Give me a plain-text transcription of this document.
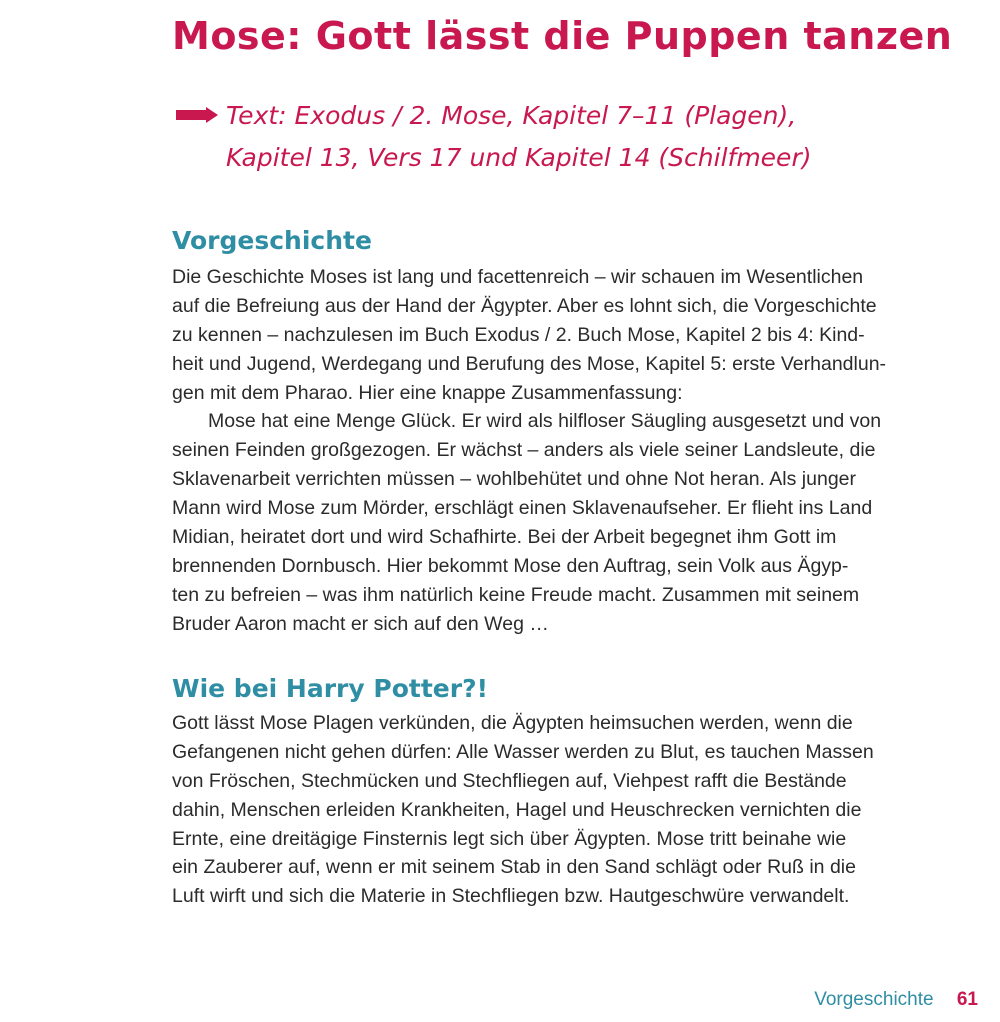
Mose: Gott lässt die Puppen tanzen

Text: Exodus / 2. Mose, Kapitel 7–11 (Plagen),

Kapitel 13, Vers 17 und Kapitel 14 (Schilfmeer)

Vorgeschichte
Die Geschichte Moses ist lang und facettenreich – wir schauen im Wesentlichen
auf die Befreiung aus der Hand der Ägypter. Aber es lohnt sich, die Vorgeschichte
zu kennen – nachzulesen im Buch Exodus / 2. Buch Mose, Kapitel 2 bis 4: Kind-
heit und Jugend, Werdegang und Berufung des Mose, Kapitel 5: erste Verhandlun-
gen mit dem Pharao. Hier eine knappe Zusammenfassung:
Mose hat eine Menge Glück. Er wird als hilfloser Säugling ausgesetzt und von
seinen Feinden großgezogen. Er wächst – anders als viele seiner Landsleute, die
Sklavenarbeit verrichten müssen – wohlbehütet und ohne Not heran. Als junger
Mann wird Mose zum Mörder, erschlägt einen Sklavenaufseher. Er flieht ins Land
Midian, heiratet dort und wird Schafhirte. Bei der Arbeit begegnet ihm Gott im
brennenden Dornbusch. Hier bekommt Mose den Auftrag, sein Volk aus Ägyp-
ten zu befreien – was ihm natürlich keine Freude macht. Zusammen mit seinem
Bruder Aaron macht er sich auf den Weg …
Wie bei Harry Potter?!
Gott lässt Mose Plagen verkünden, die Ägypten heimsuchen werden, wenn die
Gefangenen nicht gehen dürfen: Alle Wasser werden zu Blut, es tauchen Massen
von Fröschen, Stechmücken und Stechfliegen auf, Viehpest rafft die Bestände
dahin, Menschen erleiden Krankheiten, Hagel und Heuschrecken vernichten die
Ernte, eine dreitägige Finsternis legt sich über Ägypten. Mose tritt beinahe wie
ein Zauberer auf, wenn er mit seinem Stab in den Sand schlägt oder Ruß in die
Luft wirft und sich die Materie in Stechfliegen bzw. Hautgeschwüre verwandelt.
Vorgeschichte 61
